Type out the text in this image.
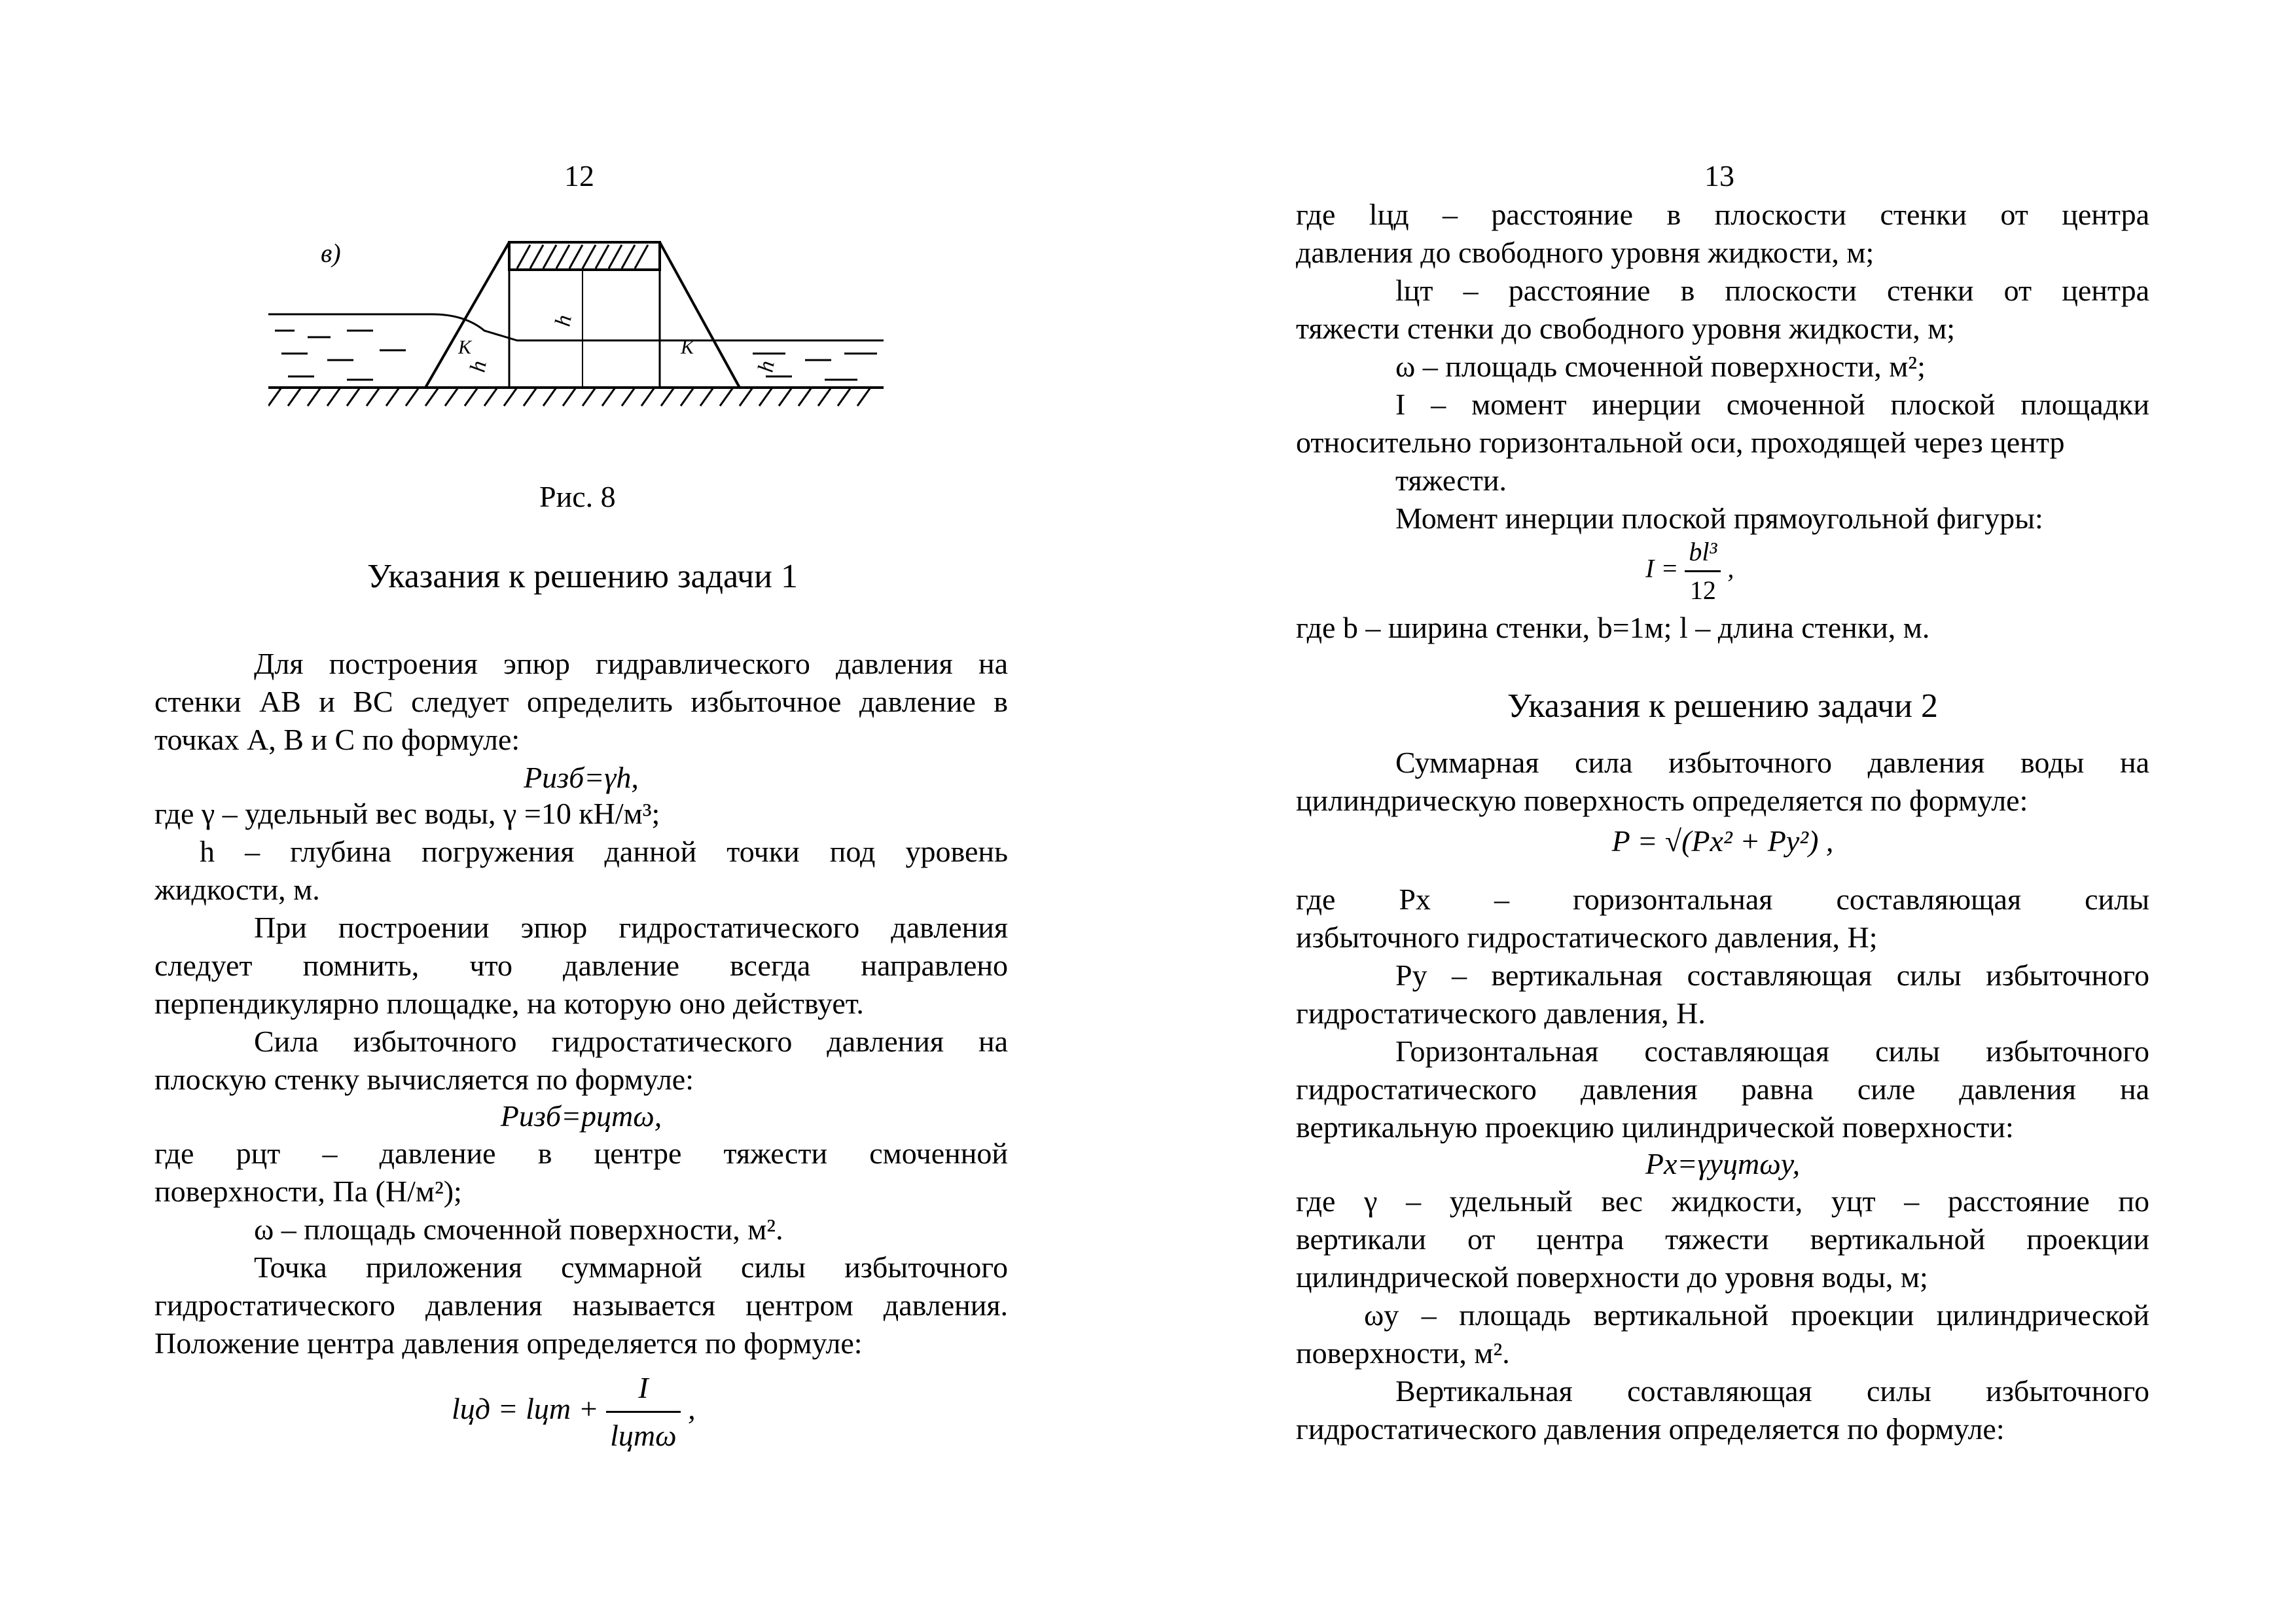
12
в)
h
h
h
K	K
Рис. 8
Указания к решению задачи 1
Для построения эпюр гидравлического давления на
стенки АВ и ВС следует определить избыточное давление в
точках А, В и С по формуле:
Pизб=γh,
где γ – удельный вес воды, γ =10 кН/м³;
h – глубина погружения данной точки под уровень
жидкости, м.
При построении эпюр гидростатического давления
следует помнить, что давление всегда направлено
перпендикулярно площадке, на которую оно действует.
Сила избыточного гидростатического давления на
плоскую стенку вычисляется по формуле:
Pизб=pцтω,
где pцт – давление в центре тяжести смоченной
поверхности, Па (Н/м²);
ω – площадь смоченной поверхности, м².
Точка приложения суммарной силы избыточного
гидростатического давления называется центром давления.
Положение центра давления определяется по формуле:
lцд = lцт + $\frac{I}{\text{lцтω}}$ ,
13
где lцд – расстояние в плоскости стенки от центра
давления до свободного уровня жидкости, м;
lцт – расстояние в плоскости стенки от центра
тяжести стенки до свободного уровня жидкости, м;
ω – площадь смоченной поверхности, м²;
I – момент инерции смоченной плоской площадки
относительно горизонтальной оси, проходящей через центр
тяжести.
Момент инерции плоской прямоугольной фигуры:
$I = \frac{\text{bl³}}{12}$ ,
где b – ширина стенки, b=1м; l – длина стенки, м.
Указания к решению задачи 2
Суммарная сила избыточного давления воды на
цилиндрическую поверхность определяется по формуле:
P = √(Px² + Py²) ,
где Px – горизонтальная составляющая силы
избыточного гидростатического давления, Н;
Py – вертикальная составляющая силы избыточного
гидростатического давления, Н.
Горизонтальная составляющая силы избыточного
гидростатического давления равна силе давления на
вертикальную проекцию цилиндрической поверхности:
Px=γyцтωy,
где γ – удельный вес жидкости, yцт – расстояние по
вертикали от центра тяжести вертикальной проекции
цилиндрической поверхности до уровня воды, м;
ωy – площадь вертикальной проекции цилиндрической
поверхности, м².
Вертикальная составляющая силы избыточного
гидростатического давления определяется по формуле:
